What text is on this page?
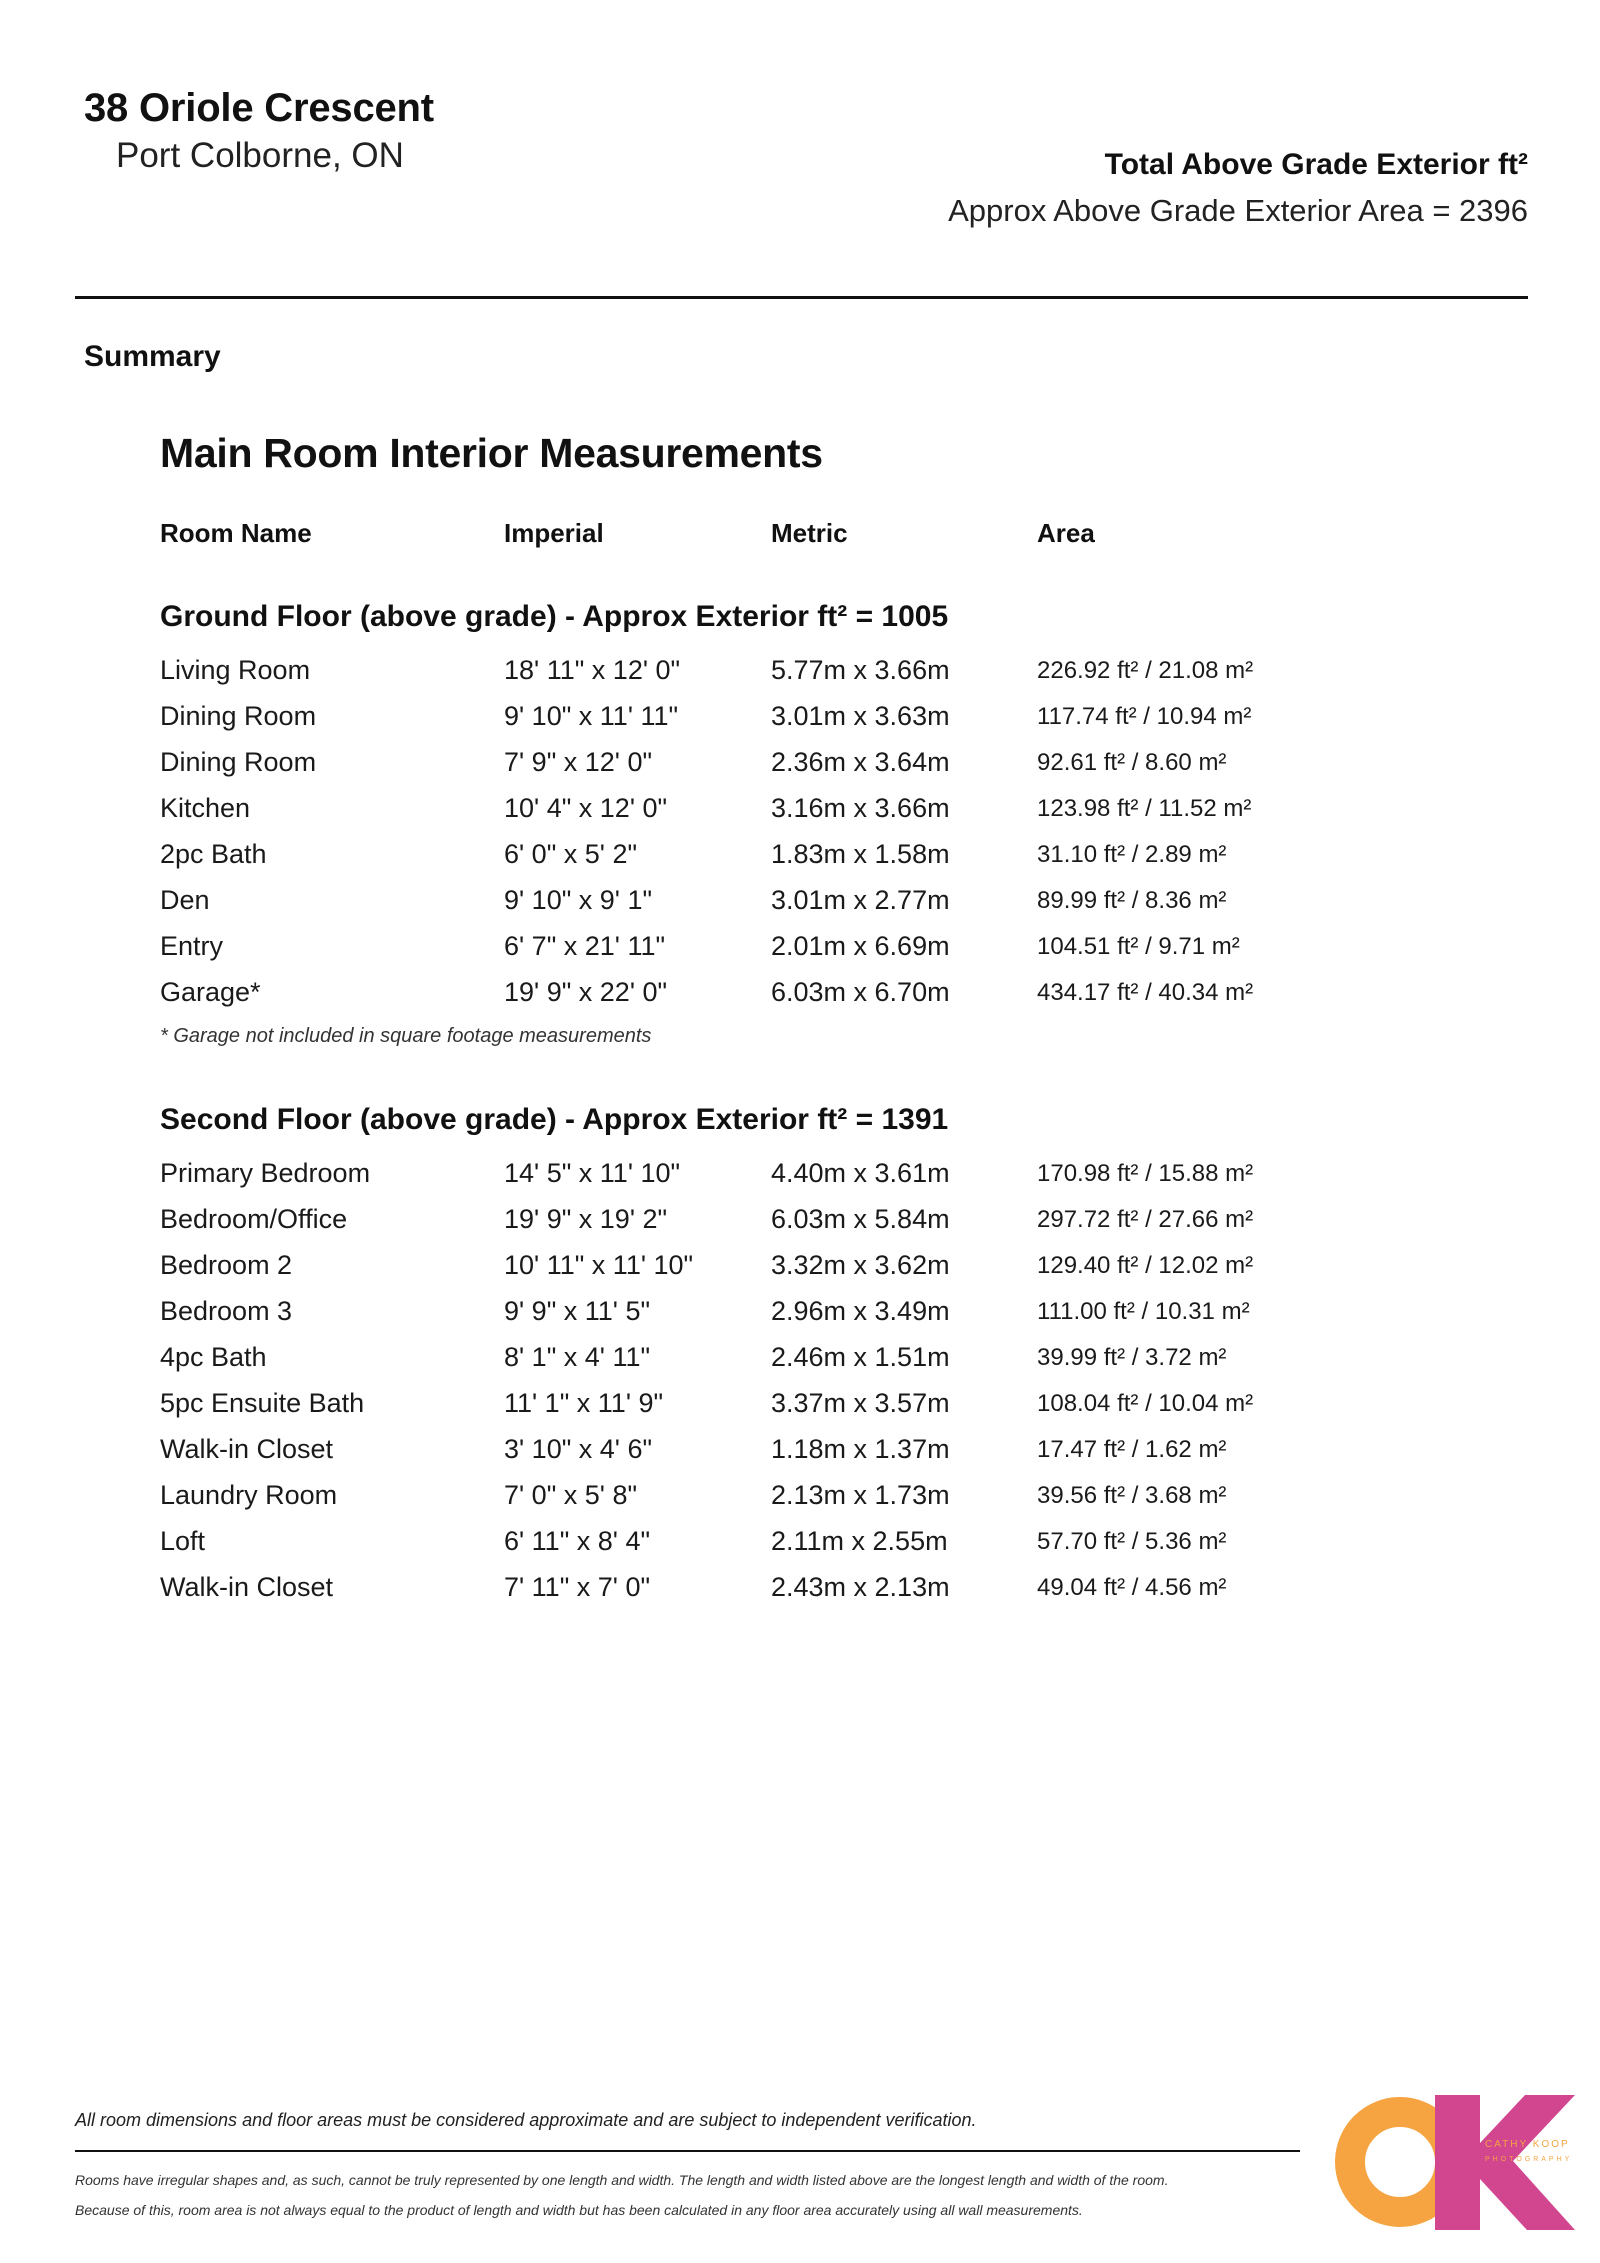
38 Oriole Crescent
Port Colborne, ON	Total Above Grade Exterior ft²
Approx Above Grade Exterior Area = 2396
Summary
Main Room Interior Measurements
Room Name	Imperial	Metric	Area
Ground Floor (above grade) - Approx Exterior ft² = 1005
Living Room	18' 11" x 12' 0"	5.77m x 3.66m	226.92 ft² / 21.08 m²
Dining Room	9' 10" x 11' 11"	3.01m x 3.63m	117.74 ft² / 10.94 m²
Dining Room	7' 9" x 12' 0"	2.36m x 3.64m	92.61 ft² / 8.60 m²
Kitchen	10' 4" x 12' 0"	3.16m x 3.66m	123.98 ft² / 11.52 m²
2pc Bath	6' 0" x 5' 2"	1.83m x 1.58m	31.10 ft² / 2.89 m²
Den	9' 10" x 9' 1"	3.01m x 2.77m	89.99 ft² / 8.36 m²
Entry	6' 7" x 21' 11"	2.01m x 6.69m	104.51 ft² / 9.71 m²
Garage*	19' 9" x 22' 0"	6.03m x 6.70m	434.17 ft² / 40.34 m²
* Garage not included in square footage measurements
Second Floor (above grade) - Approx Exterior ft² = 1391
Primary Bedroom	14' 5" x 11' 10"	4.40m x 3.61m	170.98 ft² / 15.88 m²
Bedroom/Office	19' 9" x 19' 2"	6.03m x 5.84m	297.72 ft² / 27.66 m²
Bedroom 2	10' 11" x 11' 10"	3.32m x 3.62m	129.40 ft² / 12.02 m²
Bedroom 3	9' 9" x 11' 5"	2.96m x 3.49m	111.00 ft² / 10.31 m²
4pc Bath	8' 1" x 4' 11"	2.46m x 1.51m	39.99 ft² / 3.72 m²
5pc Ensuite Bath	11' 1" x 11' 9"	3.37m x 3.57m	108.04 ft² / 10.04 m²
Walk-in Closet	3' 10" x 4' 6"	1.18m x 1.37m	17.47 ft² / 1.62 m²
Laundry Room	7' 0" x 5' 8"	2.13m x 1.73m	39.56 ft² / 3.68 m²
Loft	6' 11" x 8' 4"	2.11m x 2.55m	57.70 ft² / 5.36 m²
Walk-in Closet	7' 11" x 7' 0"	2.43m x 2.13m	49.04 ft² / 4.56 m²
All room dimensions and floor areas must be considered approximate and are subject to independent verification.
Rooms have irregular shapes and, as such, cannot be truly represented by one length and width. The length and width listed above are the longest length and width of the room.
Because of this, room area is not always equal to the product of length and width but has been calculated in any floor area accurately using all wall measurements.
CATHY KOOP
PHOTOGRAPHY
